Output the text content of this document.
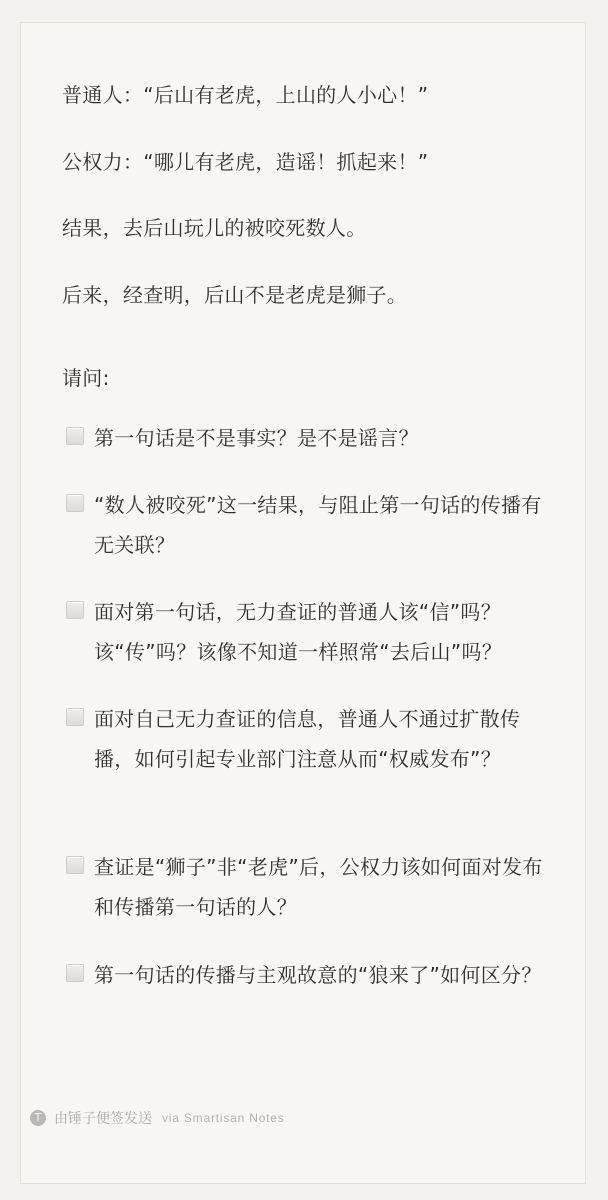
普通人：“后山有老虎，上山的人小心！”
公权力：“哪儿有老虎，造谣！抓起来！”
结果，去后山玩儿的被咬死数人。
后来，经查明，后山不是老虎是狮子。
请问:
第一句话是不是事实？是不是谣言？
“数人被咬死”这一结果，与阻止第一句话的传播有无关联？
面对第一句话，无力查证的普通人该“信”吗？该“传”吗？该像不知道一样照常“去后山”吗？
面对自己无力查证的信息，普通人不通过扩散传播，如何引起专业部门注意从而“权威发布”？
查证是“狮子”非“老虎”后，公权力该如何面对发布和传播第一句话的人？
第一句话的传播与主观故意的“狼来了”如何区分？
T 由锤子便签发送 via Smartisan Notes
